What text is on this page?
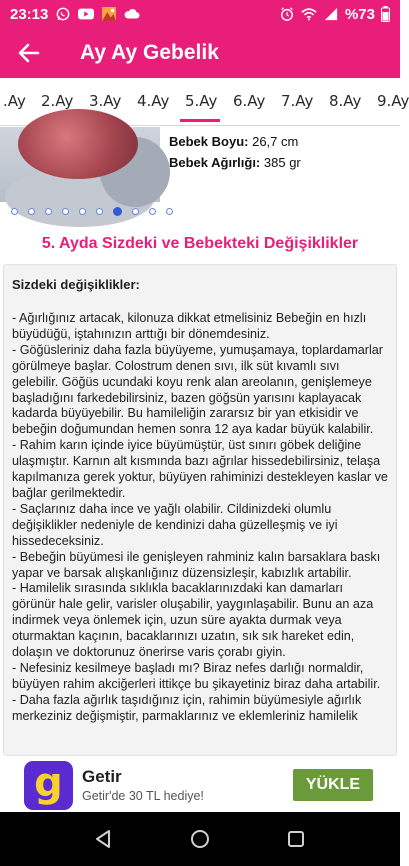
23:13	%73
Ay Ay Gebelik
.Ay 2.Ay 3.Ay 4.Ay 5.Ay 6.Ay 7.Ay 8.Ay 9.Ay
Bebek Boyu: 26,7 cm
Bebek Ağırlığı: 385 gr
5. Ayda Sizdeki ve Bebekteki Değişiklikler
Sizdeki değişiklikler:
- Ağırlığınız artacak, kilonuza dikkat etmelisiniz Bebeğin en hızlı büyüdüğü, iştahınızın arttığı bir dönemdesiniz.
- Göğüsleriniz daha fazla büyüyeme, yumuşamaya, toplardamarlar görülmeye başlar. Colostrum denen sıvı, ilk süt kıvamlı sıvı gelebilir. Göğüs ucundaki koyu renk alan areolanın, genişlemeye başladığını farkedebilirsiniz, bazen göğsün yarısını kaplayacak kadarda büyüyebilir. Bu hamileliğin zararsız bir yan etkisidir ve bebeğin doğumundan hemen sonra 12 aya kadar büyük kalabilir.
- Rahim karın içinde iyice büyümüştür, üst sınırı göbek deliğine ulaşmıştır. Karnın alt kısmında bazı ağrılar hissedebilirsiniz, telaşa kapılmanıza gerek yoktur, büyüyen rahiminizi destekleyen kaslar ve bağlar gerilmektedir.
- Saçlarınız daha ince ve yağlı olabilir. Cildinizdeki olumlu değişiklikler nedeniyle de kendinizi daha güzelleşmiş ve iyi hissedeceksiniz.
- Bebeğin büyümesi ile genişleyen rahminiz kalın barsaklara baskı yapar ve barsak alışkanlığınız düzensizleşir, kabızlık artabilir.
- Hamilelik sırasında sıklıkla bacaklarınızdaki kan damarları görünür hale gelir, varisler oluşabilir, yaygınlaşabilir. Bunu an aza indirmek veya önlemek için, uzun süre ayakta durmak veya oturmaktan kaçının, bacaklarınızı uzatın, sık sık hareket edin, dolaşın ve doktorunuz önerirse varis çorabı giyin.
- Nefesiniz kesilmeye başladı mı? Biraz nefes darlığı normaldir, büyüyen rahim akciğerleri ittikçe bu şikayetiniz biraz daha artabilir.
- Daha fazla ağırlık taşıdığınız için, rahimin büyümesiyle ağırlık merkeziniz değişmiştir, parmaklarınız ve eklemleriniz hamilelik
g Getir
Getir'de 30 TL hediye!
YÜKLE
